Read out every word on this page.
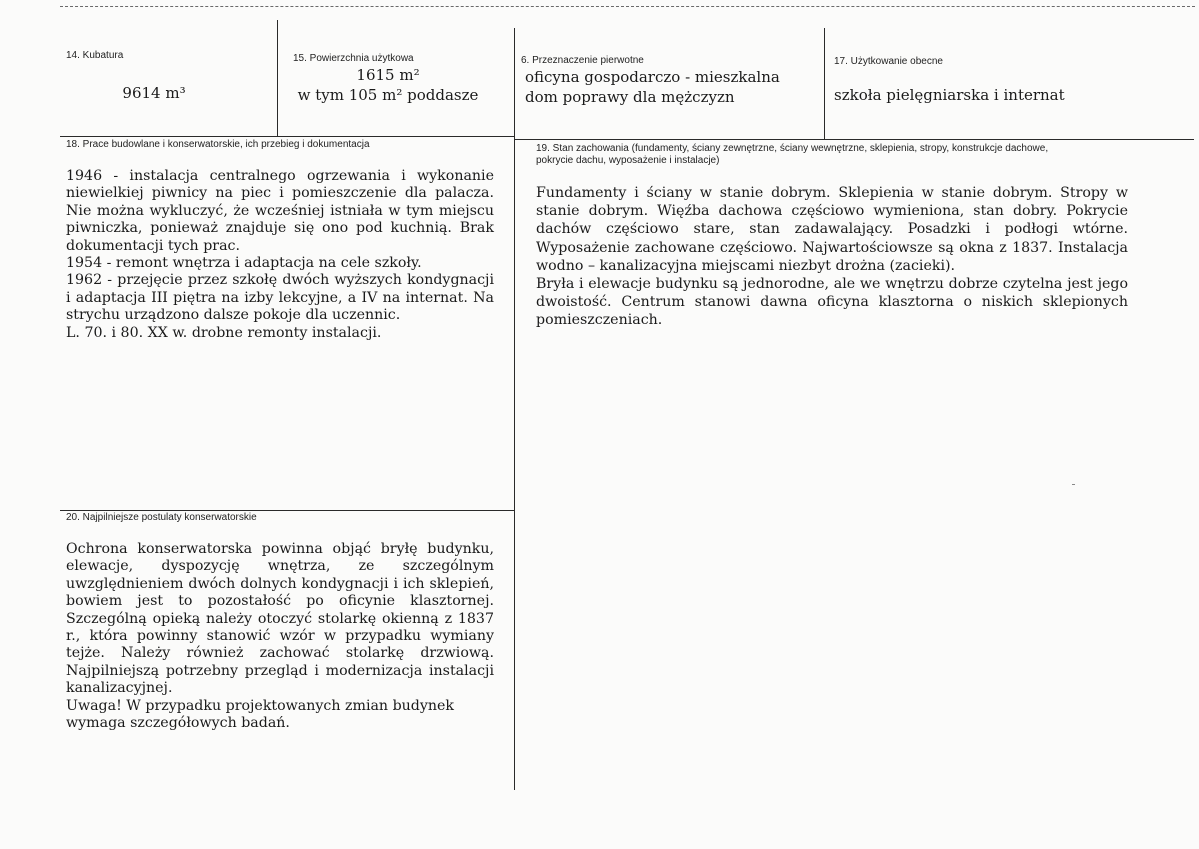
14. Kubatura
9614 m³
15. Powierzchnia użytkowa
1615 m²
w tym 105 m² poddasze
6. Przeznaczenie pierwotne
oficyna gospodarczo - mieszkalna
dom poprawy dla mężczyzn
17. Użytkowanie obecne
szkoła pielęgniarska i internat
18. Prace budowlane i konserwatorskie, ich przebieg i dokumentacja

1946 - instalacja centralnego ogrzewania i wykonanie niewielkiej piwnicy na piec i pomieszczenie dla palacza. Nie można wykluczyć, że wcześniej istniała w tym miejscu piwniczka, ponieważ znajduje się ono pod kuchnią. Brak dokumentacji tych prac.

1954 - remont wnętrza i adaptacja na cele szkoły.

1962 - przejęcie przez szkołę dwóch wyższych kondygnacji i adaptacja III piętra na izby lekcyjne, a IV na internat. Na strychu urządzono dalsze pokoje dla uczennic.

L. 70. i 80. XX w. drobne remonty instalacji.

19. Stan zachowania (fundamenty, ściany zewnętrzne, ściany wewnętrzne, sklepienia, stropy, konstrukcje dachowe,
pokrycie dachu, wyposażenie i instalacje)

Fundamenty i ściany w stanie dobrym. Sklepienia w stanie dobrym. Stropy w stanie dobrym. Więźba dachowa częściowo wymieniona, stan dobry. Pokrycie dachów częściowo stare, stan zadawalający. Posadzki i podłogi wtórne. Wyposażenie zachowane częściowo. Najwartościowsze są okna z 1837. Instalacja wodno – kanalizacyjna miejscami niezbyt drożna (zacieki).

Bryła i elewacje budynku są jednorodne, ale we wnętrzu dobrze czytelna jest jego dwoistość. Centrum stanowi dawna oficyna klasztorna o niskich sklepionych pomieszczeniach.

20. Najpilniejsze postulaty konserwatorskie

Ochrona konserwatorska powinna objąć bryłę budynku, elewacje, dyspozycję wnętrza, ze szczególnym uwzględnieniem dwóch dolnych kondygnacji i ich sklepień, bowiem jest to pozostałość po oficynie klasztornej. Szczególną opieką należy otoczyć stolarkę okienną z 1837 r., która powinny stanowić wzór w przypadku wymiany tejże. Należy również zachować stolarkę drzwiową. Najpilniejszą potrzebny przegląd i modernizacja instalacji kanalizacyjnej.

Uwaga! W przypadku projektowanych zmian budynek wymaga szczegółowych badań.
